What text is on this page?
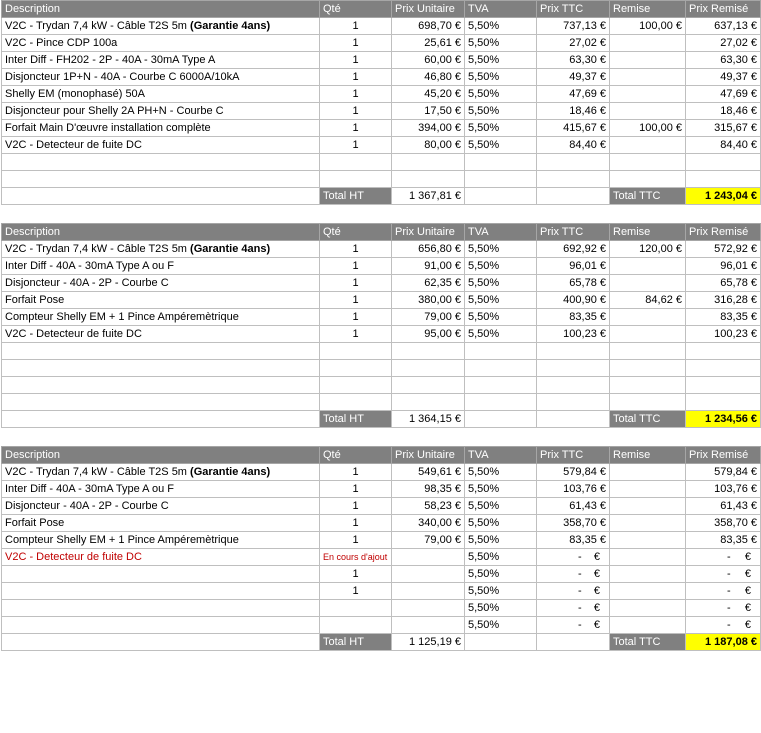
Description	Qté	Prix Unitaire	TVA	Prix TTC	Remise	Prix Remisé
V2C - Trydan 7,4 kW - Câble T2S 5m (Garantie 4ans)	1	698,70 €	5,50%	737,13 €	100,00 €	637,13 €
V2C - Pince CDP 100a	1	25,61 €	5,50%	27,02 €		27,02 €
Inter Diff - FH202 - 2P - 40A - 30mA Type A	1	60,00 €	5,50%	63,30 €		63,30 €
Disjoncteur 1P+N - 40A - Courbe C 6000A/10kA	1	46,80 €	5,50%	49,37 €		49,37 €
Shelly EM (monophasé) 50A	1	45,20 €	5,50%	47,69 €		47,69 €
Disjoncteur pour Shelly 2A PH+N - Courbe C	1	17,50 €	5,50%	18,46 €		18,46 €
Forfait Main D'œuvre installation complète	1	394,00 €	5,50%	415,67 €	100,00 €	315,67 €
V2C - Detecteur de fuite DC	1	80,00 €	5,50%	84,40 €		84,40 €

	Total HT	1 367,81 €			Total TTC	1 243,04 €
Description	Qté	Prix Unitaire	TVA	Prix TTC	Remise	Prix Remisé
V2C - Trydan 7,4 kW - Câble T2S 5m (Garantie 4ans)	1	656,80 €	5,50%	692,92 €	120,00 €	572,92 €
Inter Diff - 40A - 30mA Type A ou F	1	91,00 €	5,50%	96,01 €		96,01 €
Disjoncteur - 40A - 2P - Courbe C	1	62,35 €	5,50%	65,78 €		65,78 €
Forfait Pose	1	380,00 €	5,50%	400,90 €	84,62 €	316,28 €
Compteur Shelly EM + 1 Pince Ampéremètrique	1	79,00 €	5,50%	83,35 €		83,35 €
V2C - Detecteur de fuite DC	1	95,00 €	5,50%	100,23 €		100,23 €

	Total HT	1 364,15 €			Total TTC	1 234,56 €
Description	Qté	Prix Unitaire	TVA	Prix TTC	Remise	Prix Remisé
V2C - Trydan 7,4 kW - Câble T2S 5m (Garantie 4ans)	1	549,61 €	5,50%	579,84 €		579,84 €
Inter Diff - 40A - 30mA Type A ou F	1	98,35 €	5,50%	103,76 €		103,76 €
Disjoncteur - 40A - 2P - Courbe C	1	58,23 €	5,50%	61,43 €		61,43 €
Forfait Pose	1	340,00 €	5,50%	358,70 €		358,70 €
Compteur Shelly EM + 1 Pince Ampéremètrique	1	79,00 €	5,50%	83,35 €		83,35 €
V2C - Detecteur de fuite DC	En cours d'ajout		5,50%	- €		- €

	1		5,50%	- €		- €

	1		5,50%	- €		- €

			5,50%	- €		- €

			5,50%	- €		- €

	Total HT	1 125,19 €			Total TTC	1 187,08 €
